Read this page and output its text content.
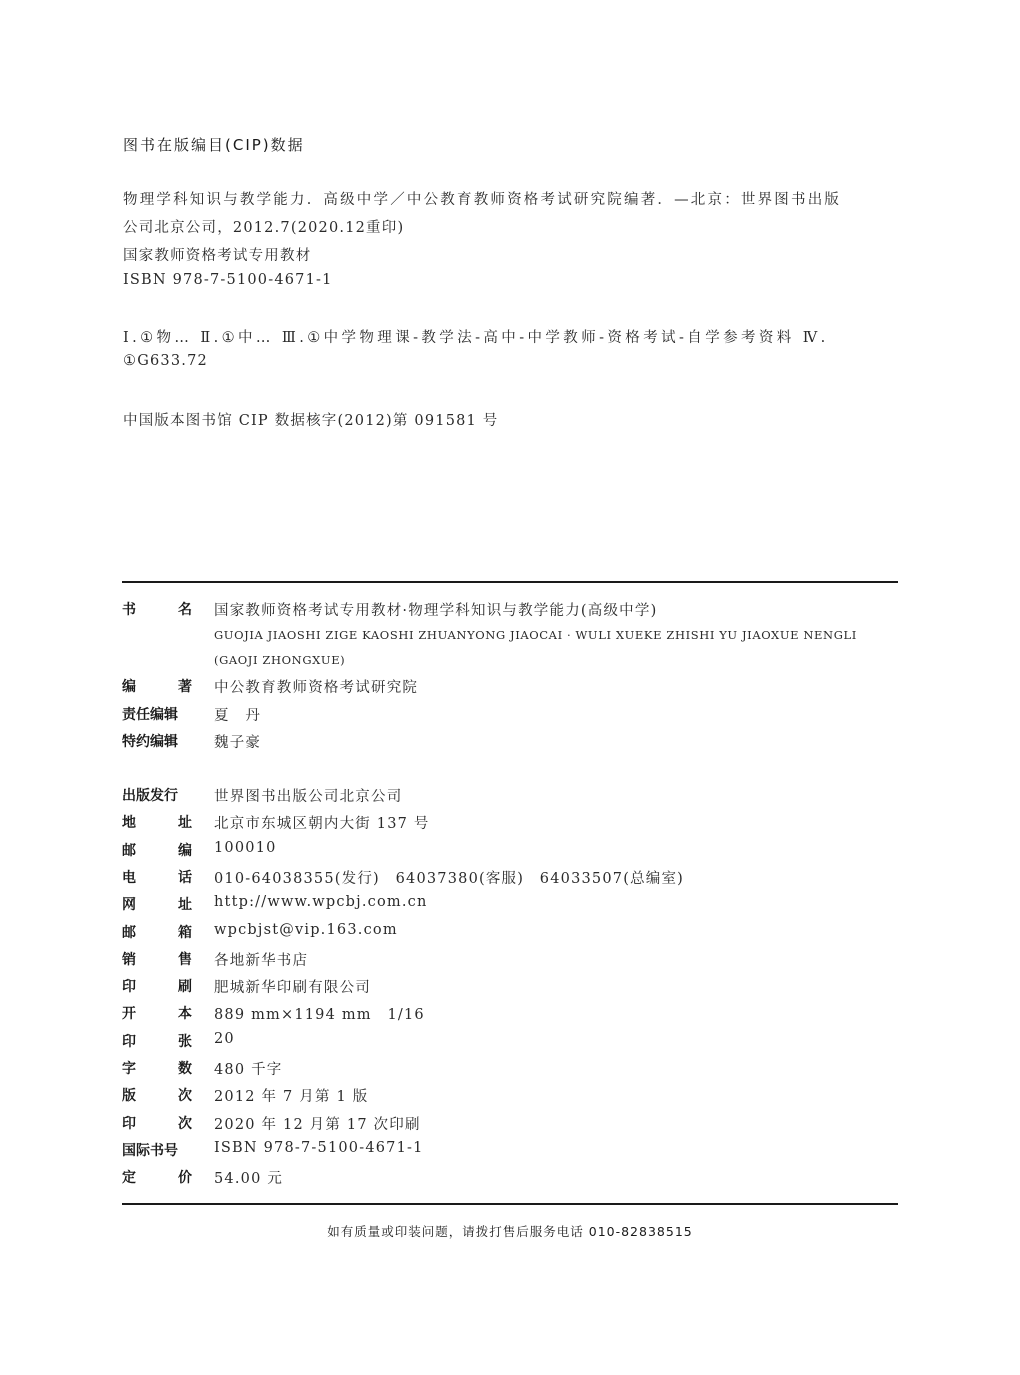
图书在版编目(CIP)数据
物理学科知识与教学能力．高级中学／中公教育教师资格考试研究院编著．—北京：世界图书出版
公司北京公司，2012.7(2020.12重印)
国家教师资格考试专用教材
ISBN 978-7-5100-4671-1
Ⅰ.①物… Ⅱ.①中… Ⅲ.①中学物理课-教学法-高中-中学教师-资格考试-自学参考资料 Ⅳ.
①G633.72
中国版本图书馆 CIP 数据核字(2012)第 091581 号
书	名 国家教师资格考试专用教材·物理学科知识与教学能力(高级中学)
GUOJIA JIAOSHI ZIGE KAOSHI ZHUANYONG JIAOCAI · WULI XUEKE ZHISHI YU JIAOXUE NENGLI
(GAOJI ZHONGXUE)
编	著 中公教育教师资格考试研究院
责任编辑 夏　丹
特约编辑 魏子豪
出版发行 世界图书出版公司北京公司
地	址 北京市东城区朝内大街 137 号
邮	编 100010
电	话 010-64038355(发行)　64037380(客服)　64033507(总编室)
网	址 http://www.wpcbj.com.cn
邮	箱 wpcbjst@vip.163.com
销	售 各地新华书店
印	刷 肥城新华印刷有限公司
开	本 889 mm×1194 mm　1/16
印	张 20
字	数 480 千字
版	次 2012 年 7 月第 1 版
印	次 2020 年 12 月第 17 次印刷
国际书号 ISBN 978-7-5100-4671-1
定	价 54.00 元
如有质量或印装问题，请拨打售后服务电话 010-82838515
